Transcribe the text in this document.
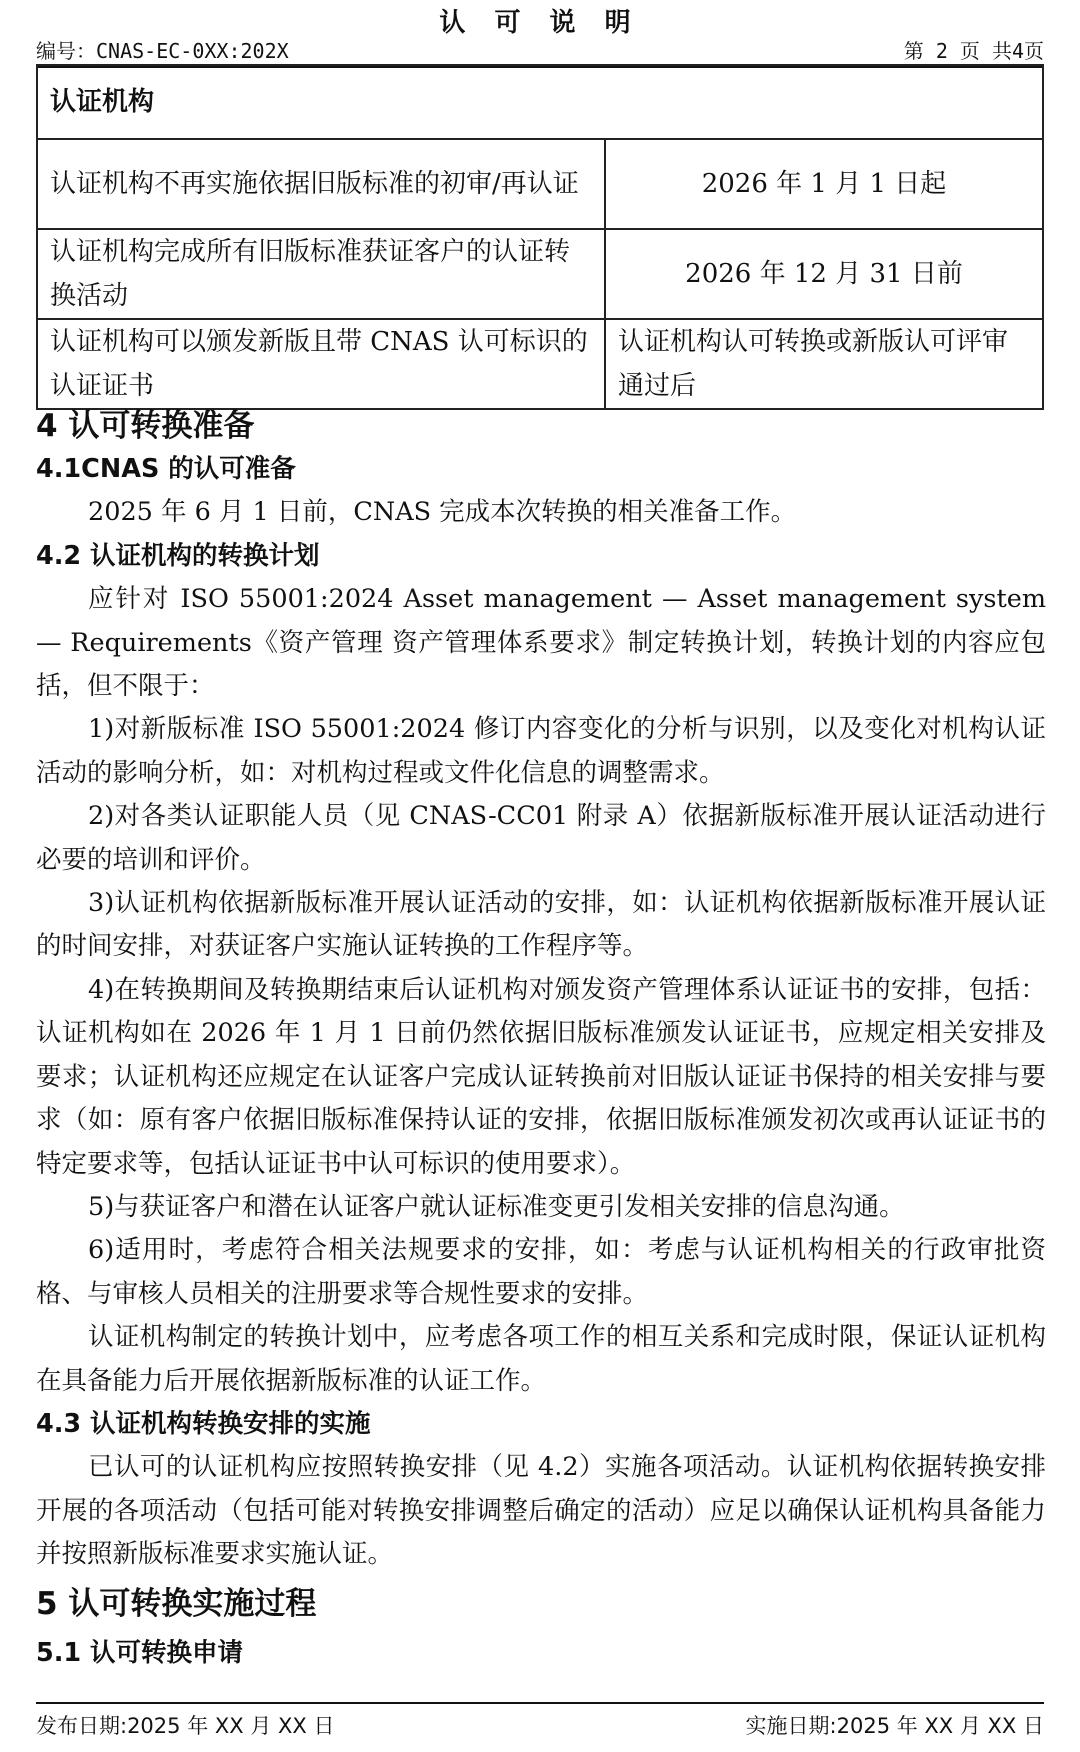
认 可 说 明
编号：CNAS-EC-0XX:202X	第 2 页 共4页
认证机构	
认证机构不再实施依据旧版标准的初审/再认证	2026 年 1 月 1 日起
认证机构完成所有旧版标准获证客户的认证转换活动	2026 年 12 月 31 日前
认证机构可以颁发新版且带 CNAS 认可标识的认证证书	认证机构认可转换或新版认可评审通过后
4 认可转换准备
4.1CNAS 的认可准备

2025 年 6 月 1 日前，CNAS 完成本次转换的相关准备工作。

4.2 认证机构的转换计划

应针对 ISO 55001:2024 Asset management — Asset management system — Requirements《资产管理 资产管理体系要求》制定转换计划，转换计划的内容应包括，但不限于：

1)对新版标准 ISO 55001:2024 修订内容变化的分析与识别，以及变化对机构认证活动的影响分析，如：对机构过程或文件化信息的调整需求。

2)对各类认证职能人员（见 CNAS-CC01 附录 A）依据新版标准开展认证活动进行必要的培训和评价。

3)认证机构依据新版标准开展认证活动的安排，如：认证机构依据新版标准开展认证的时间安排，对获证客户实施认证转换的工作程序等。

4)在转换期间及转换期结束后认证机构对颁发资产管理体系认证证书的安排，包括：认证机构如在 2026 年 1 月 1 日前仍然依据旧版标准颁发认证证书，应规定相关安排及要求；认证机构还应规定在认证客户完成认证转换前对旧版认证证书保持的相关安排与要求（如：原有客户依据旧版标准保持认证的安排，依据旧版标准颁发初次或再认证证书的特定要求等，包括认证证书中认可标识的使用要求）。

5)与获证客户和潜在认证客户就认证标准变更引发相关安排的信息沟通。

6)适用时，考虑符合相关法规要求的安排，如：考虑与认证机构相关的行政审批资格、与审核人员相关的注册要求等合规性要求的安排。

认证机构制定的转换计划中，应考虑各项工作的相互关系和完成时限，保证认证机构在具备能力后开展依据新版标准的认证工作。

4.3 认证机构转换安排的实施

已认可的认证机构应按照转换安排（见 4.2）实施各项活动。认证机构依据转换安排开展的各项活动（包括可能对转换安排调整后确定的活动）应足以确保认证机构具备能力并按照新版标准要求实施认证。

5 认可转换实施过程
5.1 认可转换申请
发布日期:2025 年 XX 月 XX 日	实施日期:2025 年 XX 月 XX 日
